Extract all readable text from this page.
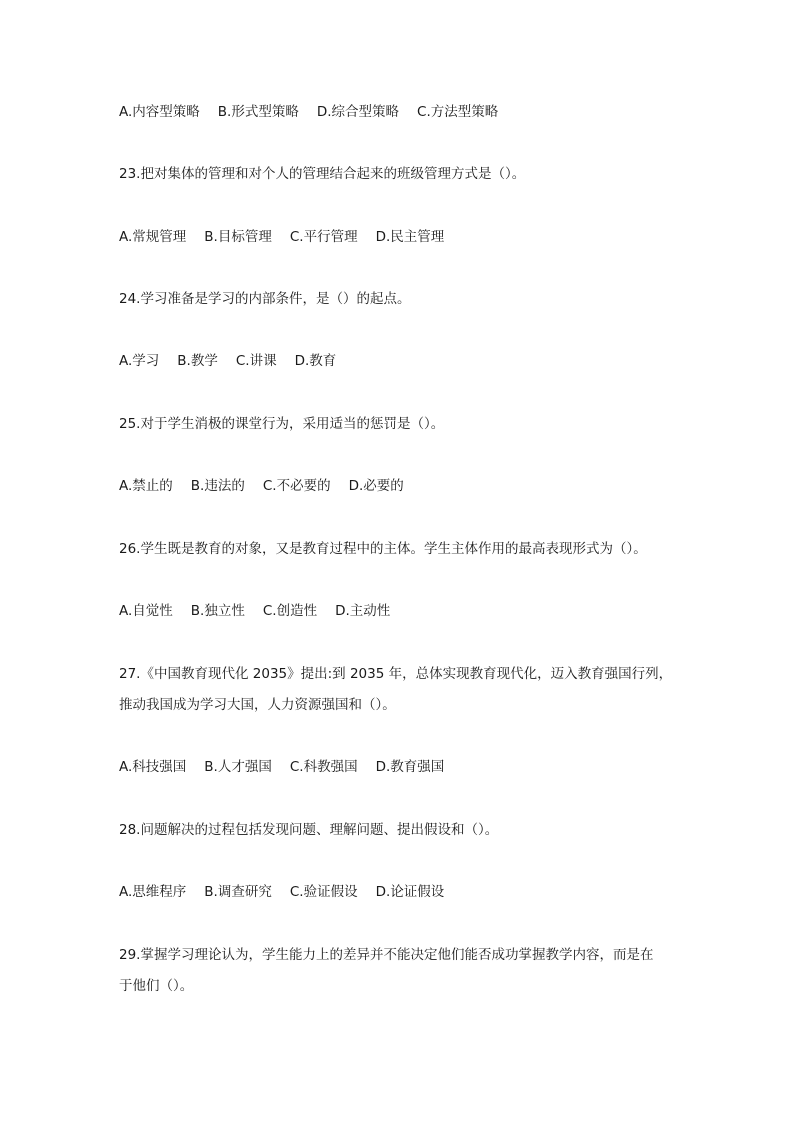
A.内容型策略 B.形式型策略 D.综合型策略 C.方法型策略

23.把对集体的管理和对个人的管理结合起来的班级管理方式是（）。

A.常规管理 B.目标管理 C.平行管理 D.民主管理

24.学习准备是学习的内部条件，是（）的起点。

A.学习 B.教学 C.讲课 D.教育

25.对于学生消极的课堂行为，采用适当的惩罚是（）。

A.禁止的 B.违法的 C.不必要的 D.必要的

26.学生既是教育的对象，又是教育过程中的主体。学生主体作用的最高表现形式为（）。

A.自觉性 B.独立性 C.创造性 D.主动性

27.《中国教育现代化 2035》提出:到 2035 年，总体实现教育现代化，迈入教育强国行列，

推动我国成为学习大国，人力资源强国和（）。

A.科技强国 B.人才强国 C.科教强国 D.教育强国

28.问题解决的过程包括发现问题、理解问题、提出假设和（）。

A.思维程序 B.调查研究 C.验证假设 D.论证假设

29.掌握学习理论认为，学生能力上的差异并不能决定他们能否成功掌握教学内容，而是在

于他们（）。
